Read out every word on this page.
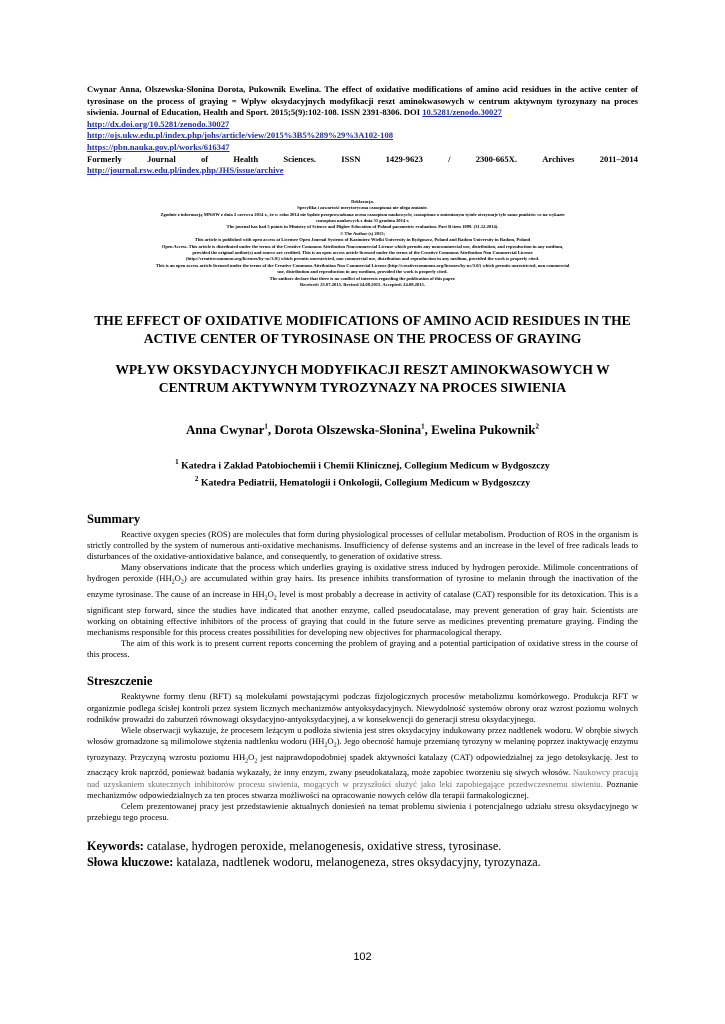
Cwynar Anna, Olszewska-Słonina Dorota, Pukownik Ewelina. The effect of oxidative modifications of amino acid residues in the active center of tyrosinase on the process of graying = Wpływ oksydacyjnych modyfikacji reszt aminokwasowych w centrum aktywnym tyrozynazy na proces siwienia. Journal of Education, Health and Sport. 2015;5(9):102-108. ISSN 2391-8306. DOI 10.5281/zenodo.30027

http://dx.doi.org/10.5281/zenodo.30027
http://ojs.ukw.edu.pl/index.php/johs/article/view/2015%3B5%289%29%3A102-108
https://pbn.nauka.gov.pl/works/616347
Formerly	Journal	of	Health	Sciences.	ISSN	1429-9623	/	2300-665X.	Archives	2011–2014
http://journal.rsw.edu.pl/index.php/JHS/issue/archive
Deklaracja.
Specyfika i zawartość merytoryczna czasopisma nie ulega zmianie.
Zgodnie z informacją MNiSW z dnia 2 czerwca 2014 r., że w roku 2014 nie będzie przeprowadzana ocena czasopism naukowych; czasopismo o zmienionym tytule otrzymuje tyle samo punktów co na wykazie
czasopism naukowych z dnia 31 grudnia 2014 r.
The journal has had 5 points in Ministry of Science and Higher Education of Poland parametric evaluation. Part B item 1089. (31.12.2014).
© The Author (s) 2015;
This article is published with open access at Licensee Open Journal Systems of Kazimierz Wielki University in Bydgoszcz, Poland and Radom University in Radom, Poland
Open Access. This article is distributed under the terms of the Creative Commons Attribution Noncommercial License which permits any noncommercial use, distribution, and reproduction in any medium,
provided the original author(s) and source are credited. This is an open access article licensed under the terms of the Creative Commons Attribution Non Commercial License
(http://creativecommons.org/licenses/by-nc/3.0/) which permits unrestricted, non commercial use, distribution and reproduction in any medium, provided the work is properly cited.
This is an open access article licensed under the terms of the Creative Commons Attribution Non Commercial License (http://creativecommons.org/licenses/by-nc/3.0/) which permits unrestricted, non commercial
use, distribution and reproduction in any medium, provided the work is properly cited.
The authors declare that there is no conflict of interests regarding the publication of this paper.
Received: 25.07.2015. Revised 24.08.2015. Accepted: 24.08.2015.
THE EFFECT OF OXIDATIVE MODIFICATIONS OF AMINO ACID RESIDUES IN THE ACTIVE CENTER OF TYROSINASE ON THE PROCESS OF GRAYING
WPŁYW OKSYDACYJNYCH MODYFIKACJI RESZT AMINOKWASOWYCH W CENTRUM AKTYWNYM TYROZYNAZY NA PROCES SIWIENIA
Anna Cwynar$^1$, Dorota Olszewska-Słonina$^1$, Ewelina Pukownik$^2$
$^1$ Katedra i Zakład Patobiochemii i Chemii Klinicznej, Collegium Medicum w Bydgoszczy
$^2$ Katedra Pediatrii, Hematologii i Onkologii, Collegium Medicum w Bydgoszczy
Summary

Reactive oxygen species (ROS) are molecules that form during physiological processes of cellular metabolism. Production of ROS in the organism is strictly controlled by the system of numerous anti-oxidative mechanisms. Insufficiency of defense systems and an increase in the level of free radicals leads to disturbances of the oxidative-antioxidative balance, and consequently, to generation of oxidative stress.

Many observations indicate that the process which underlies graying is oxidative stress induced by hydrogen peroxide. Milimole concentrations of hydrogen peroxide $(HH_2O_2)$ are accumulated within gray hairs. Its presence inhibits transformation of tyrosine to melanin through the inactivation of the enzyme tyrosinase. The cause of an increase in $HH_2O_2$ level is most probably a decrease in activity of catalase (CAT) responsible for its detoxication. This is a significant step forward, since the studies have indicated that another enzyme, called pseudocatalase, may prevent generation of gray hair. Scientists are working on obtaining effective inhibitors of the process of graying that could in the future serve as medicines preventing premature graying. Finding the mechanisms responsible for this process creates possibilities for developing new objectives for pharmacological therapy.

The aim of this work is to present current reports concerning the problem of graying and a potential participation of oxidative stress in the course of this process.

Streszczenie

Reaktywne formy tlenu (RFT) są molekułami powstającymi podczas fizjologicznych procesów metabolizmu komórkowego. Produkcja RFT w organizmie podlega ścisłej kontroli przez system licznych mechanizmów antyoksydacyjnych. Niewydolność systemów obrony oraz wzrost poziomu wolnych rodników prowadzi do zaburzeń równowagi oksydacyjno-antyoksydacyjnej, a w konsekwencji do generacji stresu oksydacyjnego.

Wiele obserwacji wykazuje, że procesem leżącym u podłoża siwienia jest stres oksydacyjny indukowany przez nadtlenek wodoru. W obrębie siwych włosów gromadzone są milimolowe stężenia nadtlenku wodoru $(HH_2O_2)$. Jego obecność hamuje przemianę tyrozyny w melaninę poprzez inaktywację enzymu tyrozynazy. Przyczyną wzrostu poziomu $HH_2O_2$ jest najprawdopodobniej spadek aktywności katalazy (CAT) odpowiedzialnej za jego detoksykację. Jest to znaczący krok naprzód, ponieważ badania wykazały, że inny enzym, zwany pseudokatalazą, może zapobiec tworzeniu się siwych włosów. Naukowcy pracują nad uzyskaniem skutecznych inhibitorów procesu siwienia, mogących w przyszłości służyć jako leki zapobiegające przedwczesnemu siwieniu. Poznanie mechanizmów odpowiedzialnych za ten proces stwarza możliwości na opracowanie nowych celów dla terapii farmakologicznej.

Celem prezentowanej pracy jest przedstawienie aktualnych doniesień na temat problemu siwienia i potencjalnego udziału stresu oksydacyjnego w przebiegu tego procesu.

Keywords: catalase, hydrogen peroxide, melanogenesis, oxidative stress, tyrosinase.
Słowa kluczowe: katalaza, nadtlenek wodoru, melanogeneza, stres oksydacyjny, tyrozynaza.
102
